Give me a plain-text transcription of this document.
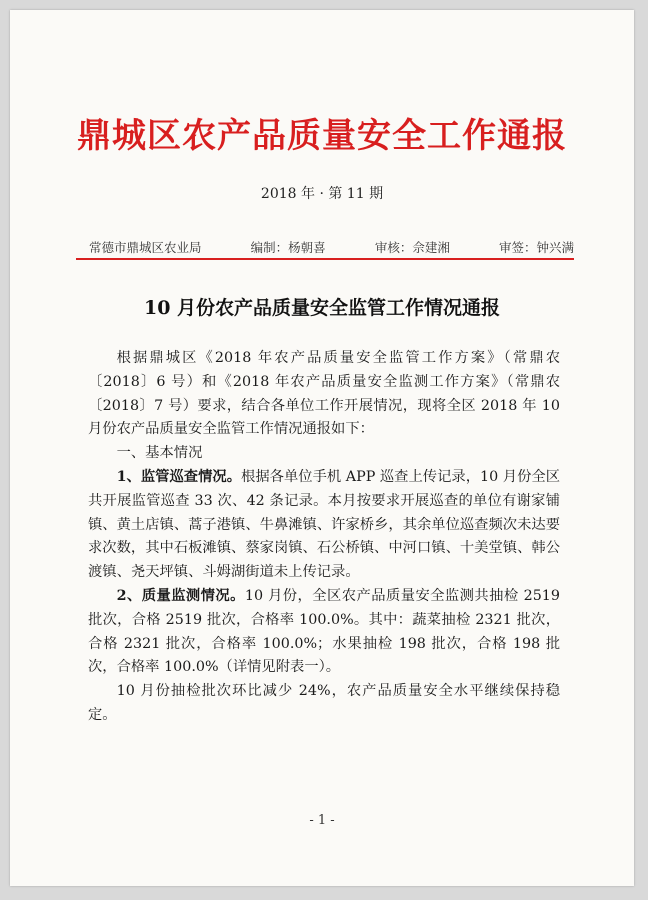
鼎城区农产品质量安全工作通报
2018 年 · 第 11 期
常德市鼎城区农业局	编制：杨朝喜	审核：佘建湘	审签：钟兴满
10 月份农产品质量安全监管工作情况通报

根据鼎城区《2018 年农产品质量安全监管工作方案》（常鼎农〔2018〕6 号）和《2018 年农产品质量安全监测工作方案》（常鼎农〔2018〕7 号）要求，结合各单位工作开展情况，现将全区 2018 年 10 月份农产品质量安全监管工作情况通报如下：

一、基本情况

1、监管巡查情况。根据各单位手机 APP 巡查上传记录，10 月份全区共开展监管巡查 33 次、42 条记录。本月按要求开展巡查的单位有谢家铺镇、黄土店镇、蒿子港镇、牛鼻滩镇、许家桥乡，其余单位巡查频次未达要求次数，其中石板滩镇、蔡家岗镇、石公桥镇、中河口镇、十美堂镇、韩公渡镇、尧天坪镇、斗姆湖街道未上传记录。

2、质量监测情况。10 月份，全区农产品质量安全监测共抽检 2519 批次，合格 2519 批次，合格率 100.0%。其中：蔬菜抽检 2321 批次，合格 2321 批次，合格率 100.0%；水果抽检 198 批次，合格 198 批次，合格率 100.0%（详情见附表一）。

10 月份抽检批次环比减少 24%，农产品质量安全水平继续保持稳定。

- 1 -
